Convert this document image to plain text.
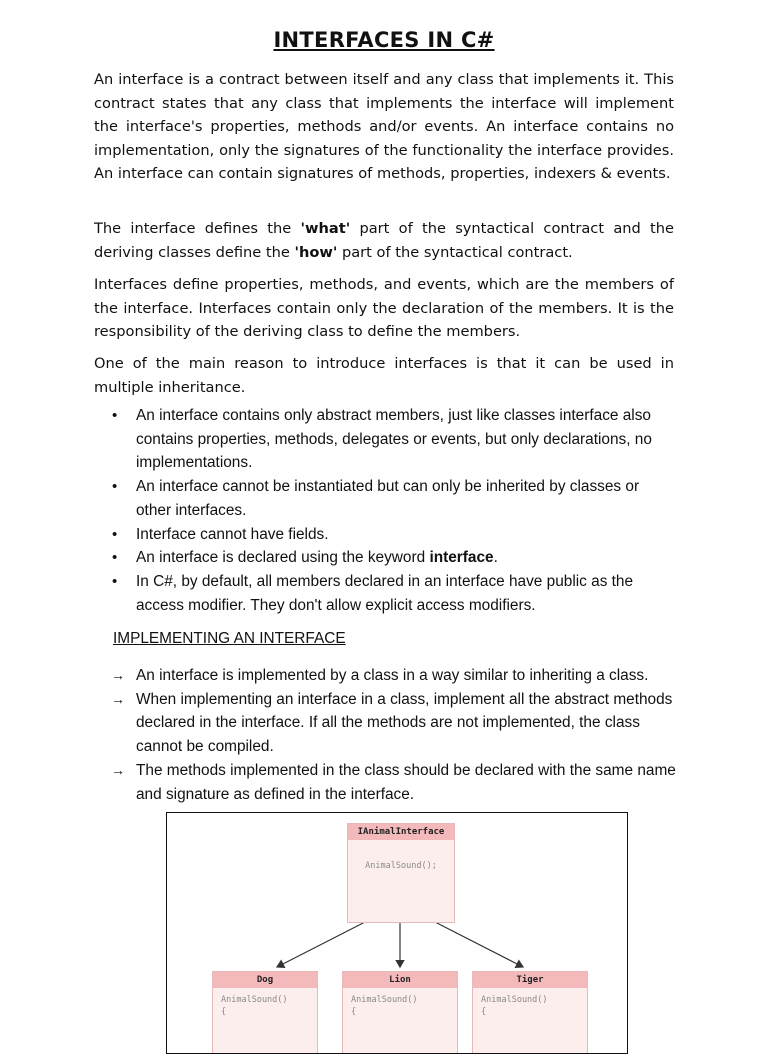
INTERFACES IN C#

An interface is a contract between itself and any class that implements it. This contract states that any class that implements the interface will implement the interface's properties, methods and/or events. An interface contains no implementation, only the signatures of the functionality the interface provides. An interface can contain signatures of methods, properties, indexers & events.

The interface defines the 'what' part of the syntactical contract and the deriving classes define the 'how' part of the syntactical contract.

Interfaces define properties, methods, and events, which are the members of the interface. Interfaces contain only the declaration of the members. It is the responsibility of the deriving class to define the members.

One of the main reason to introduce interfaces is that it can be used in multiple inheritance.

• An interface contains only abstract members, just like classes interface also contains properties, methods, delegates or events, but only declarations, no implementations.
• An interface cannot be instantiated but can only be inherited by classes or other interfaces.
• Interface cannot have fields.
• An interface is declared using the keyword interface.
• In C#, by default, all members declared in an interface have public as the access modifier. They don't allow explicit access modifiers.
IMPLEMENTING AN INTERFACE
→ An interface is implemented by a class in a way similar to inheriting a class.
→ When implementing an interface in a class, implement all the abstract methods declared in the interface. If all the methods are not implemented, the class cannot be compiled.
→ The methods implemented in the class should be declared with the same name and signature as defined in the interface.
IAnimalInterface
AnimalSound();
Dog
AnimalSound()
{
Lion
AnimalSound()
{
Tiger
AnimalSound()
{
